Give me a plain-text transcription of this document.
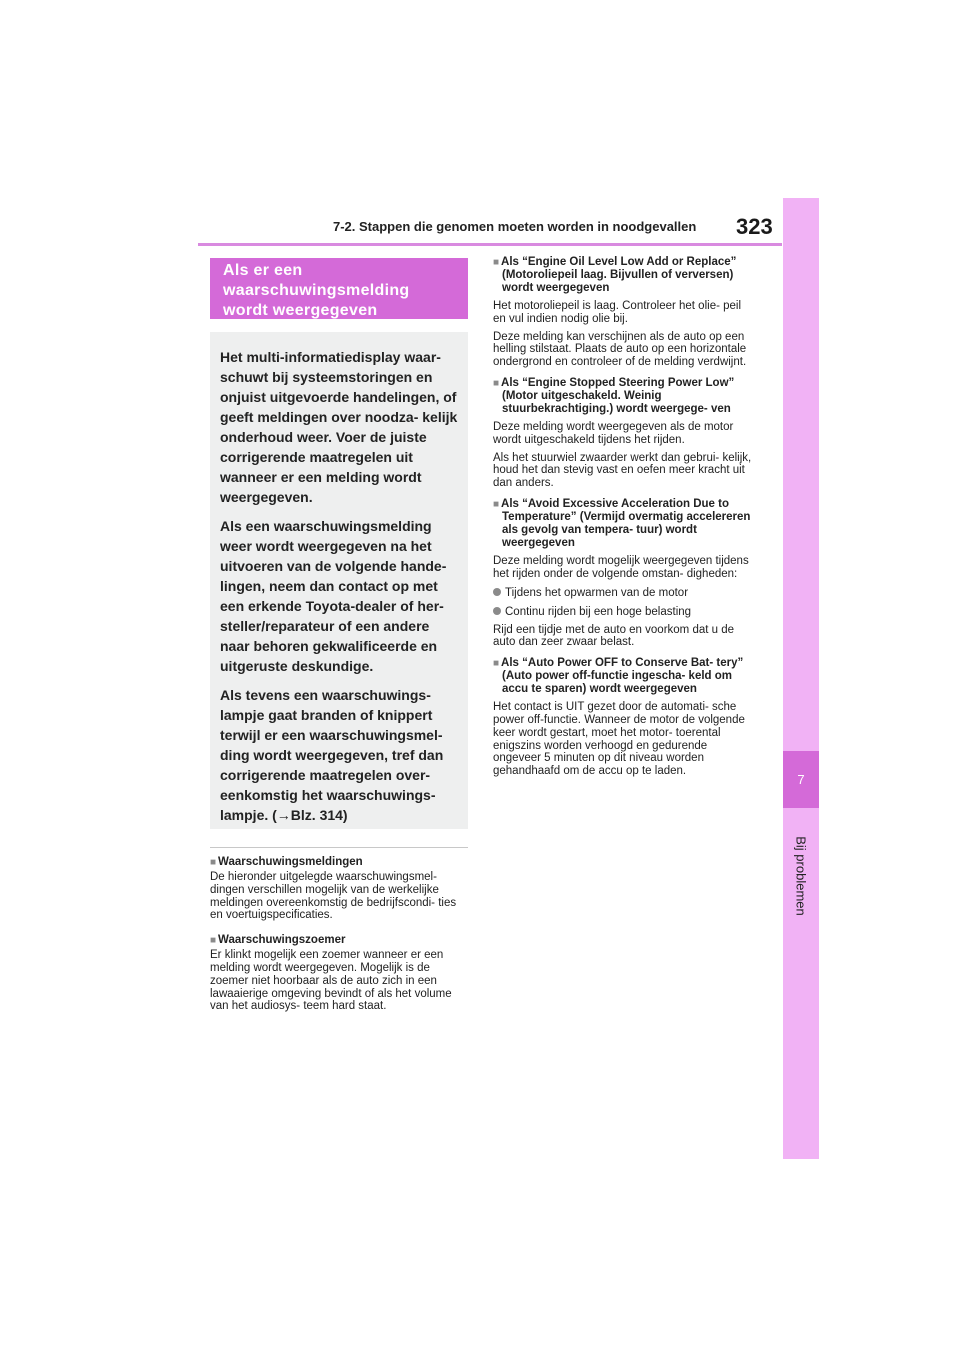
7-2. Stappen die genomen moeten worden in noodgevallen 323
7
Bij problemen
Als er een
waarschuwingsmelding
wordt weergegeven

Het multi-informatiedisplay waar- schuwt bij systeemstoringen en onjuist uitgevoerde handelingen, of geeft meldingen over noodza- kelijk onderhoud weer. Voer de juiste corrigerende maatregelen uit wanneer er een melding wordt weergegeven.

Als een waarschuwingsmelding weer wordt weergegeven na het uitvoeren van de volgende hande- lingen, neem dan contact op met een erkende Toyota-dealer of her- steller/reparateur of een andere naar behoren gekwalificeerde en uitgeruste deskundige.

Als tevens een waarschuwings- lampje gaat branden of knippert terwijl er een waarschuwingsmel- ding wordt weergegeven, tref dan corrigerende maatregelen over- eenkomstig het waarschuwings- lampje. (→Blz. 314)

■ Waarschuwingsmeldingen

De hieronder uitgelegde waarschuwingsmel- dingen verschillen mogelijk van de werkelijke meldingen overeenkomstig de bedrijfscondi- ties en voertuigspecificaties.

■ Waarschuwingszoemer

Er klinkt mogelijk een zoemer wanneer er een melding wordt weergegeven. Mogelijk is de zoemer niet hoorbaar als de auto zich in een lawaaierige omgeving bevindt of als het volume van het audiosys- teem hard staat.

■ Als “Engine Oil Level Low Add or Replace” (Motoroliepeil laag. Bijvullen of verversen) wordt weergegeven

Het motoroliepeil is laag. Controleer het olie- peil en vul indien nodig olie bij.

Deze melding kan verschijnen als de auto op een helling stilstaat. Plaats de auto op een horizontale ondergrond en controleer of de melding verdwijnt.

■ Als “Engine Stopped Steering Power Low” (Motor uitgeschakeld. Weinig stuurbekrachtiging.) wordt weergege- ven

Deze melding wordt weergegeven als de motor wordt uitgeschakeld tijdens het rijden.

Als het stuurwiel zwaarder werkt dan gebrui- kelijk, houd het dan stevig vast en oefen meer kracht uit dan anders.

■ Als “Avoid Excessive Acceleration Due to Temperature” (Vermijd overmatig accelereren als gevolg van tempera- tuur) wordt weergegeven

Deze melding wordt mogelijk weergegeven tijdens het rijden onder de volgende omstan- digheden:

Tijdens het opwarmen van de motor
Continu rijden bij een hoge belasting

Rijd een tijdje met de auto en voorkom dat u de auto dan zeer zwaar belast.

■ Als “Auto Power OFF to Conserve Bat- tery” (Auto power off-functie ingescha- keld om accu te sparen) wordt weergegeven

Het contact is UIT gezet door de automati- sche power off-functie. Wanneer de motor de volgende keer wordt gestart, moet het motor- toerental enigszins worden verhoogd en gedurende ongeveer 5 minuten op dit niveau worden gehandhaafd om de accu op te laden.
